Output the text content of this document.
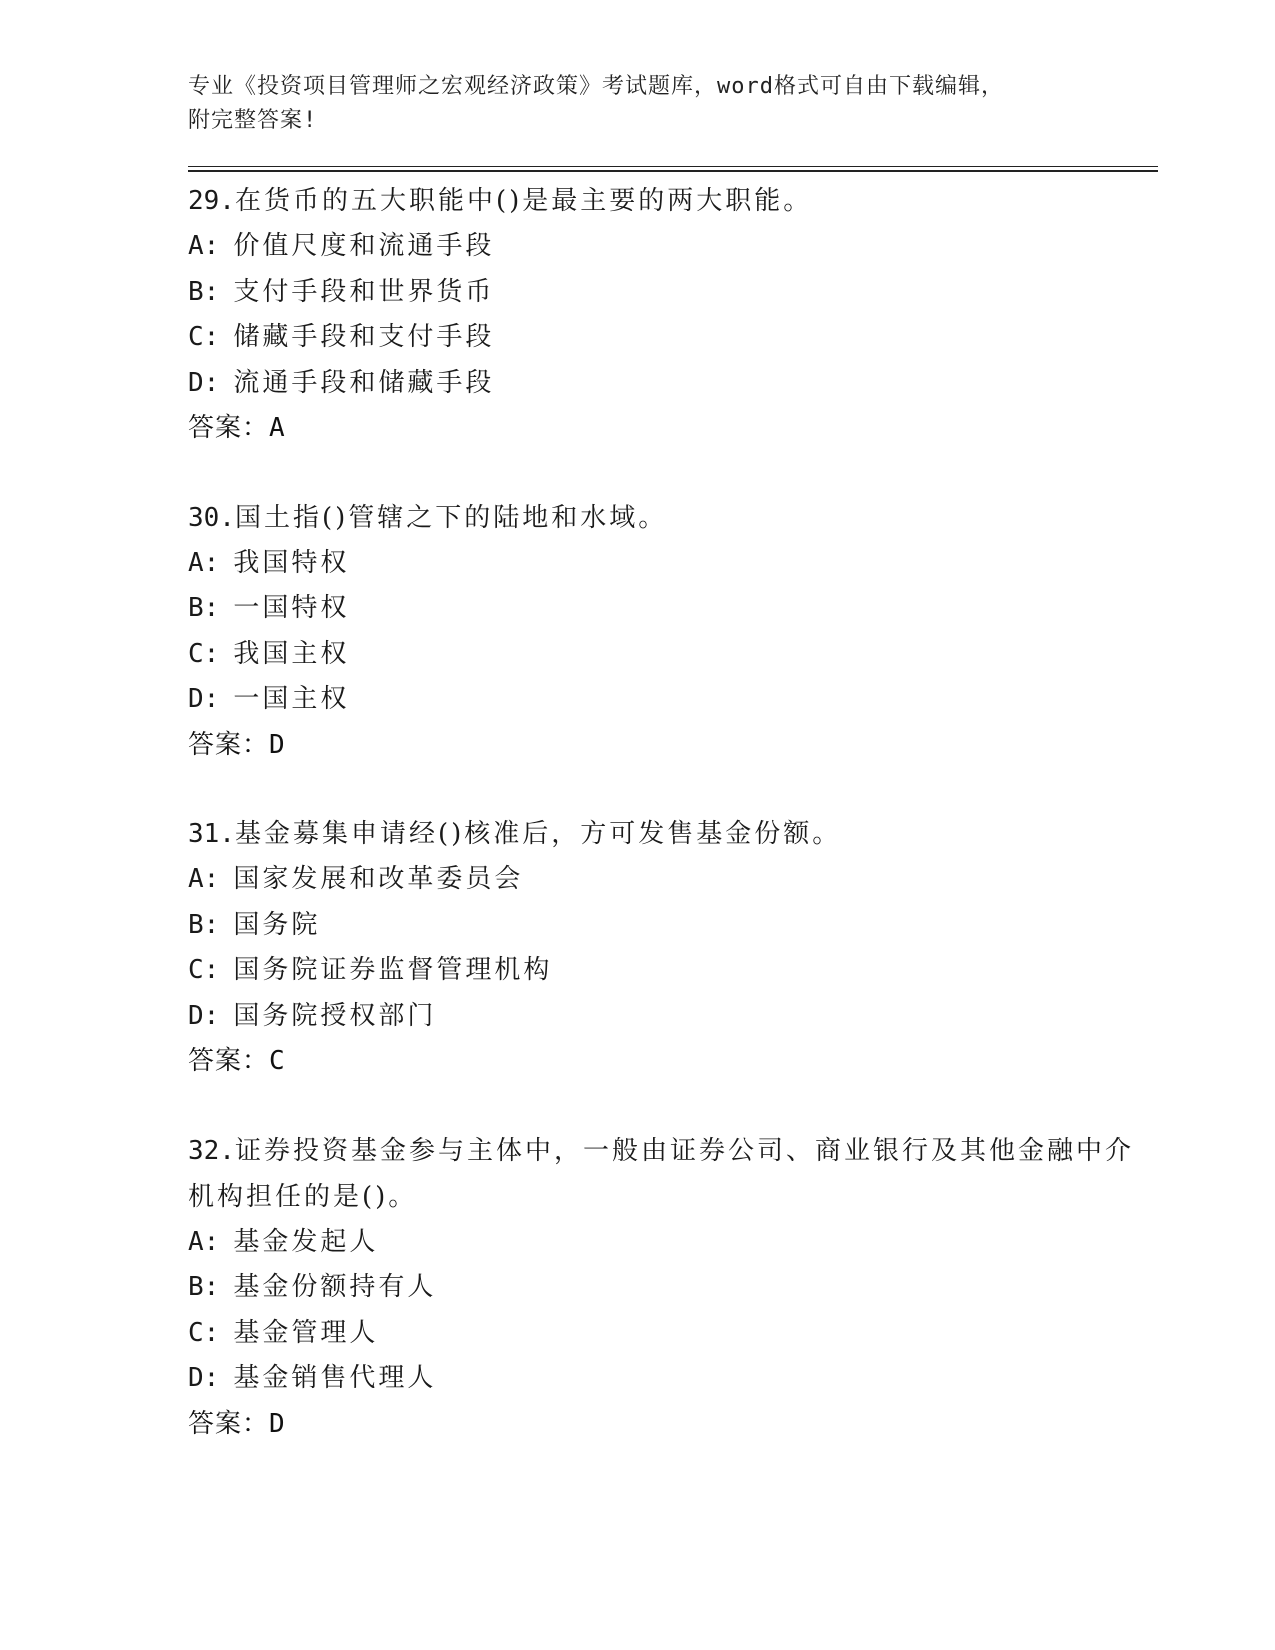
专业《投资项目管理师之宏观经济政策》考试题库，word格式可自由下载编辑，
附完整答案!

29.在货币的五大职能中()是最主要的两大职能。

A: 价值尺度和流通手段

B: 支付手段和世界货币

C: 储藏手段和支付手段

D: 流通手段和储藏手段

答案：A

30.国土指()管辖之下的陆地和水域。

A: 我国特权

B: 一国特权

C: 我国主权

D: 一国主权

答案：D

31.基金募集申请经()核准后，方可发售基金份额。

A: 国家发展和改革委员会

B: 国务院

C: 国务院证券监督管理机构

D: 国务院授权部门

答案：C

32.证券投资基金参与主体中，一般由证券公司、商业银行及其他金融中介机构担任的是()。

A: 基金发起人

B: 基金份额持有人

C: 基金管理人

D: 基金销售代理人

答案：D
